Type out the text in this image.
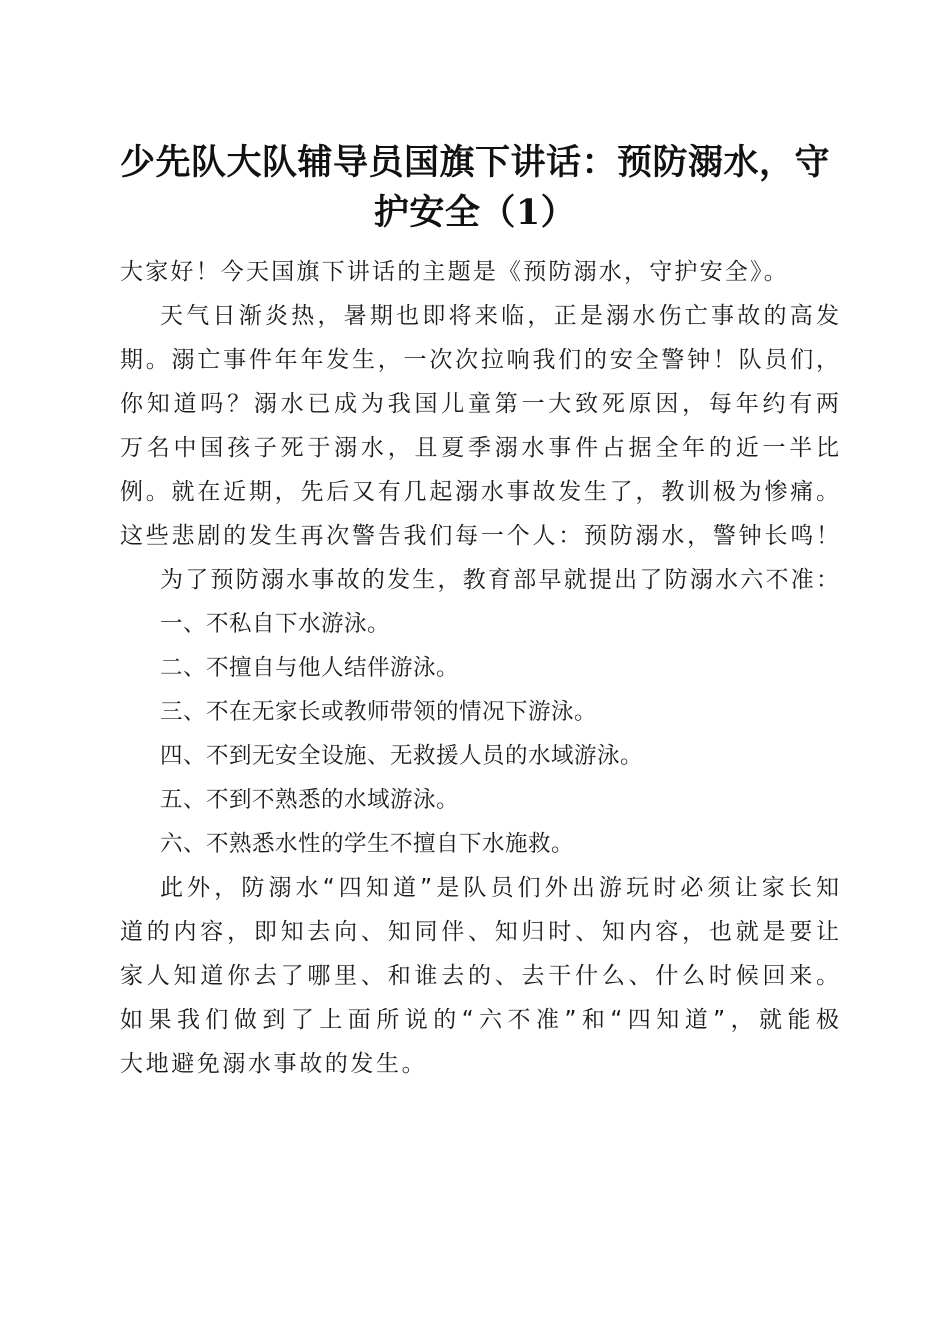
少先队大队辅导员国旗下讲话：预防溺水，守
护安全（1）
大家好！今天国旗下讲话的主题是《预防溺水，守护安全》。
天气日渐炎热，暑期也即将来临，正是溺水伤亡事故的高发
期。溺亡事件年年发生，一次次拉响我们的安全警钟！队员们，
你知道吗？溺水已成为我国儿童第一大致死原因，每年约有两
万名中国孩子死于溺水，且夏季溺水事件占据全年的近一半比
例。就在近期，先后又有几起溺水事故发生了，教训极为惨痛。
这些悲剧的发生再次警告我们每一个人：预防溺水，警钟长鸣！
为了预防溺水事故的发生，教育部早就提出了防溺水六不准：
一、不私自下水游泳。
二、不擅自与他人结伴游泳。
三、不在无家长或教师带领的情况下游泳。
四、不到无安全设施、无救援人员的水域游泳。
五、不到不熟悉的水域游泳。
六、不熟悉水性的学生不擅自下水施救。
此外，防溺水“四知道”是队员们外出游玩时必须让家长知
道的内容，即知去向、知同伴、知归时、知内容，也就是要让
家人知道你去了哪里、和谁去的、去干什么、什么时候回来。
如果我们做到了上面所说的“六不准”和“四知道”，就能极
大地避免溺水事故的发生。
